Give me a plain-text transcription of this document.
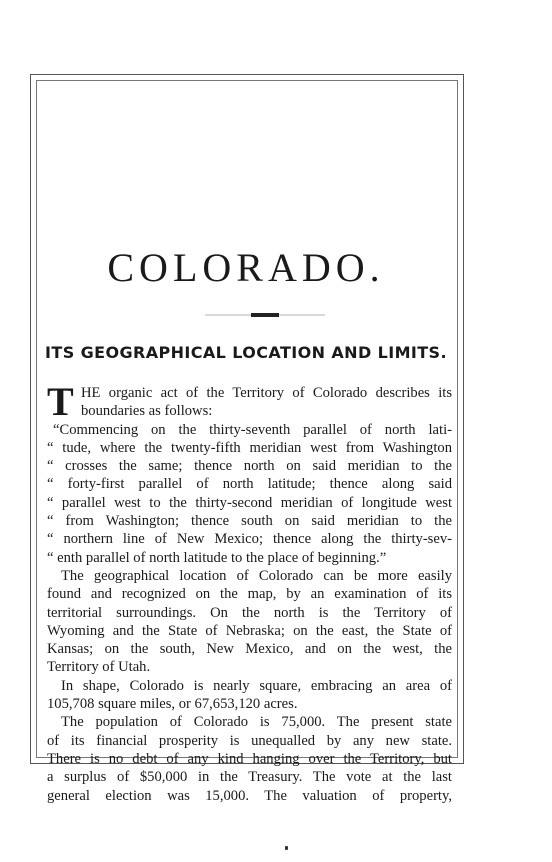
COLORADO.
ITS GEOGRAPHICAL LOCATION AND LIMITS.
T HE organic act of the Territory of Colorado describes its
boundaries as follows:
“Commencing on the thirty-seventh parallel of north lati-
“ tude, where the twenty-fifth meridian west from Washington
“ crosses the same; thence north on said meridian to the
“ forty-first parallel of north latitude; thence along said
“ parallel west to the thirty-second meridian of longitude west
“ from Washington; thence south on said meridian to the
“ northern line of New Mexico; thence along the thirty-sev-
“ enth parallel of north latitude to the place of beginning.”
The geographical location of Colorado can be more easily
found and recognized on the map, by an examination of its
territorial surroundings. On the north is the Territory of
Wyoming and the State of Nebraska; on the east, the State of
Kansas; on the south, New Mexico, and on the west, the
Territory of Utah.
In shape, Colorado is nearly square, embracing an area of
105,708 square miles, or 67,653,120 acres.
The population of Colorado is 75,000. The present state
of its financial prosperity is unequalled by any new state.
There is no debt of any kind hanging over the Territory, but
a surplus of $50,000 in the Treasury. The vote at the last
general election was 15,000. The valuation of property,
